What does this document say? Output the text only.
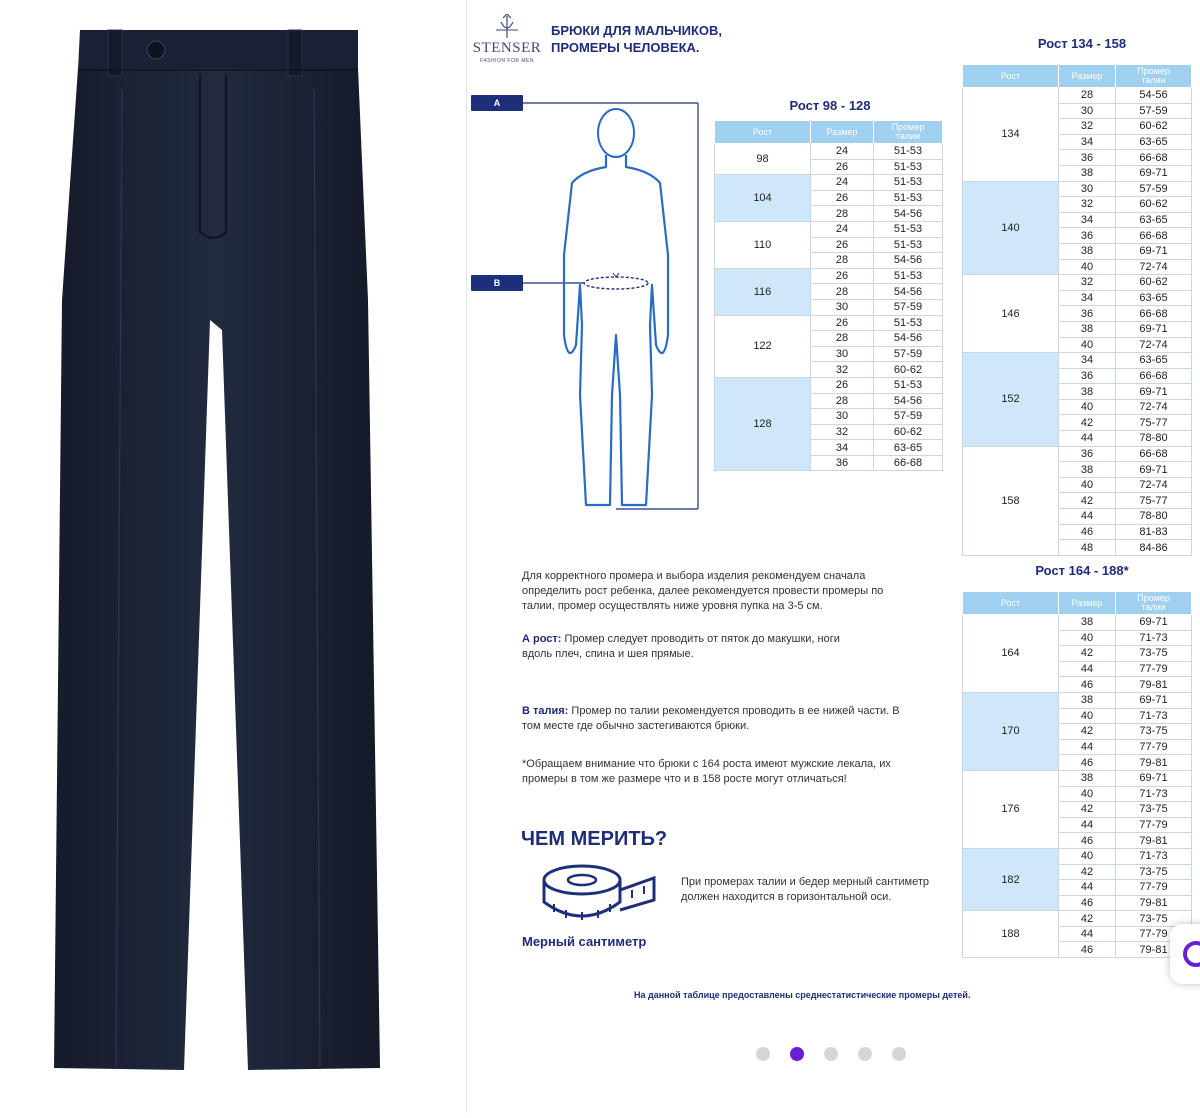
STENSER
FASHION FOR MEN
БРЮКИ ДЛЯ МАЛЬЧИКОВ,
ПРОМЕРЫ ЧЕЛОВЕКА.
A
B
Рост 98 - 128
Рост	Размер	Промер
талии
98	24	51-53
	26	51-53
104	24	51-53
	26	51-53
	28	54-56
110	24	51-53
	26	51-53
	28	54-56
116	26	51-53
	28	54-56
	30	57-59
122	26	51-53
	28	54-56
	30	57-59
	32	60-62
128	26	51-53
	28	54-56
	30	57-59
	32	60-62
	34	63-65
	36	66-68
Рост 134 - 158
Рост	Размер	Промер
талии
134	28	54-56
	30	57-59
	32	60-62
	34	63-65
	36	66-68
	38	69-71
140	30	57-59
	32	60-62
	34	63-65
	36	66-68
	38	69-71
	40	72-74
146	32	60-62
	34	63-65
	36	66-68
	38	69-71
	40	72-74
152	34	63-65
	36	66-68
	38	69-71
	40	72-74
	42	75-77
	44	78-80
158	36	66-68
	38	69-71
	40	72-74
	42	75-77
	44	78-80
	46	81-83
	48	84-86
Рост 164 - 188*
Рост	Размер	Промер
талии
164	38	69-71
	40	71-73
	42	73-75
	44	77-79
	46	79-81
170	38	69-71
	40	71-73
	42	73-75
	44	77-79
	46	79-81
176	38	69-71
	40	71-73
	42	73-75
	44	77-79
	46	79-81
182	40	71-73
	42	73-75
	44	77-79
	46	79-81
188	42	73-75
	44	77-79
	46	79-81
Для корректного промера и выбора изделия рекомендуем сначала определить рост ребенка, далее рекомендуется провести промеры по талии, промер осуществлять ниже уровня пупка на 3-5 см.
А рост: Промер следует проводить от пяток до макушки, ноги вдоль плеч, спина и шея прямые.
В талия: Промер по талии рекомендуется проводить в ее нижей части. В том месте где обычно застегиваются брюки.
*Обращаем внимание что брюки с 164 роста имеют мужские лекала, их промеры в том же размере что и в 158 росте могут отличаться!
ЧЕМ МЕРИТЬ?
Мерный сантиметр
При промерах талии и бедер мерный сантиметр должен находится в горизонтальной оси.
На данной таблице предоставлены среднестатистические промеры детей.
